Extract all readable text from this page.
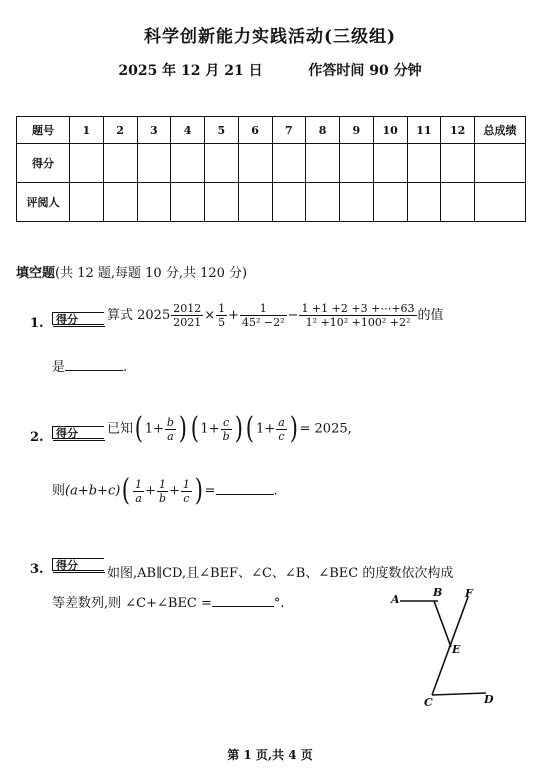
科学创新能力实践活动(三级组)
2025 年 12 月 21 日	作答时间 90 分钟
题号	1	2	3	4	5	6	7	8	9	10	11	12	总成绩
得分													
评阅人													
填空题(共 12 题,每题 10 分,共 120 分)
1.	得分	算式 $2025 \frac{2012}{2021} \times \frac{1}{5} + \frac{1}{\text{45² −2²}} - \frac{1 +1 +2 +3 +\cdots+63}{\text{1² +10² +100² +2²}}$ 的值
是	.
2.	得分	已知( $1+ \frac{b}{a}$ ) ( $1+ \frac{c}{b}$ ) ( $1+ \frac{a}{c}$ ) = 2025,
则$(a+b+c)( \frac{1}{a} + \frac{1}{b} + \frac{1}{c}$ ) =	.
3.	得分
如图,AB∥CD,且∠BEF、∠C、∠B、∠BEC 的度数依次构成
等差数列,则 ∠C+∠BEC =	°.	A
B F
E
C	D
第 1 页,共 4 页
